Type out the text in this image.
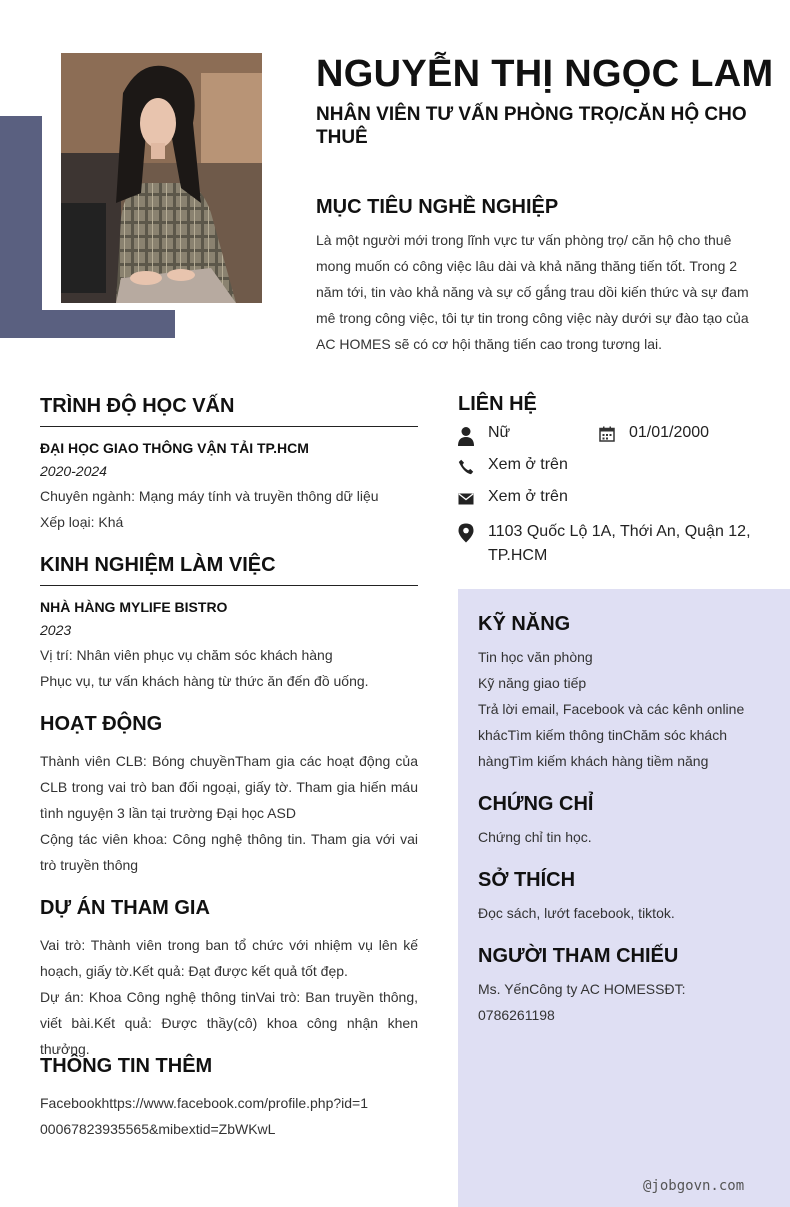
NGUYỄN THỊ NGỌC LAM
NHÂN VIÊN TƯ VẤN PHÒNG TRỌ/CĂN HỘ CHO THUÊ
MỤC TIÊU NGHỀ NGHIỆP
Là một người mới trong lĩnh vực tư vấn phòng trọ/ căn hộ cho thuê mong muốn có công việc lâu dài và khả năng thăng tiến tốt. Trong 2 năm tới, tin vào khả năng và sự cố gắng trau dồi kiến thức và sự đam mê trong công việc, tôi tự tin trong công việc này dưới sự đào tạo của AC HOMES sẽ có cơ hội thăng tiến cao trong tương lai.
TRÌNH ĐỘ HỌC VẤN
ĐẠI HỌC GIAO THÔNG VẬN TẢI TP.HCM
2020-2024
Chuyên ngành: Mạng máy tính và truyền thông dữ liệu
Xếp loại: Khá
KINH NGHIỆM LÀM VIỆC
NHÀ HÀNG MYLIFE BISTRO
2023
Vị trí: Nhân viên phục vụ chăm sóc khách hàng
Phục vụ, tư vấn khách hàng từ thức ăn đến đồ uống.
HOẠT ĐỘNG
Thành viên CLB: Bóng chuyềnTham gia các hoạt động của CLB trong vai trò ban đối ngoại, giấy tờ. Tham gia hiến máu tình nguyện 3 lần tại trường Đại học ASD
Cộng tác viên khoa: Công nghệ thông tin. Tham gia với vai trò truyền thông
DỰ ÁN THAM GIA
Vai trò: Thành viên trong ban tổ chức với nhiệm vụ lên kế hoạch, giấy tờ.Kết quả: Đạt được kết quả tốt đẹp.
Dự án: Khoa Công nghệ thông tinVai trò: Ban truyền thông, viết bài.Kết quả: Được thầy(cô) khoa công nhận khen thưởng.
THÔNG TIN THÊM
Facebookhttps://www.facebook.com/profile.php?id=100067823935565&mibextid=ZbWKwL
LIÊN HỆ
Nữ	01/01/2000
Xem ở trên
Xem ở trên
1103 Quốc Lộ 1A, Thới An, Quận 12, TP.HCM
KỸ NĂNG
Tin học văn phòng
Kỹ năng giao tiếp
Trả lời email, Facebook và các kênh online khácTìm kiếm thông tinChăm sóc khách hàngTìm kiếm khách hàng tiềm năng
CHỨNG CHỈ
Chứng chỉ tin học.
SỞ THÍCH
Đọc sách, lướt facebook, tiktok.
NGƯỜI THAM CHIẾU
Ms. YếnCông ty AC HOMESSĐT: 0786261198
@jobgovn.com
